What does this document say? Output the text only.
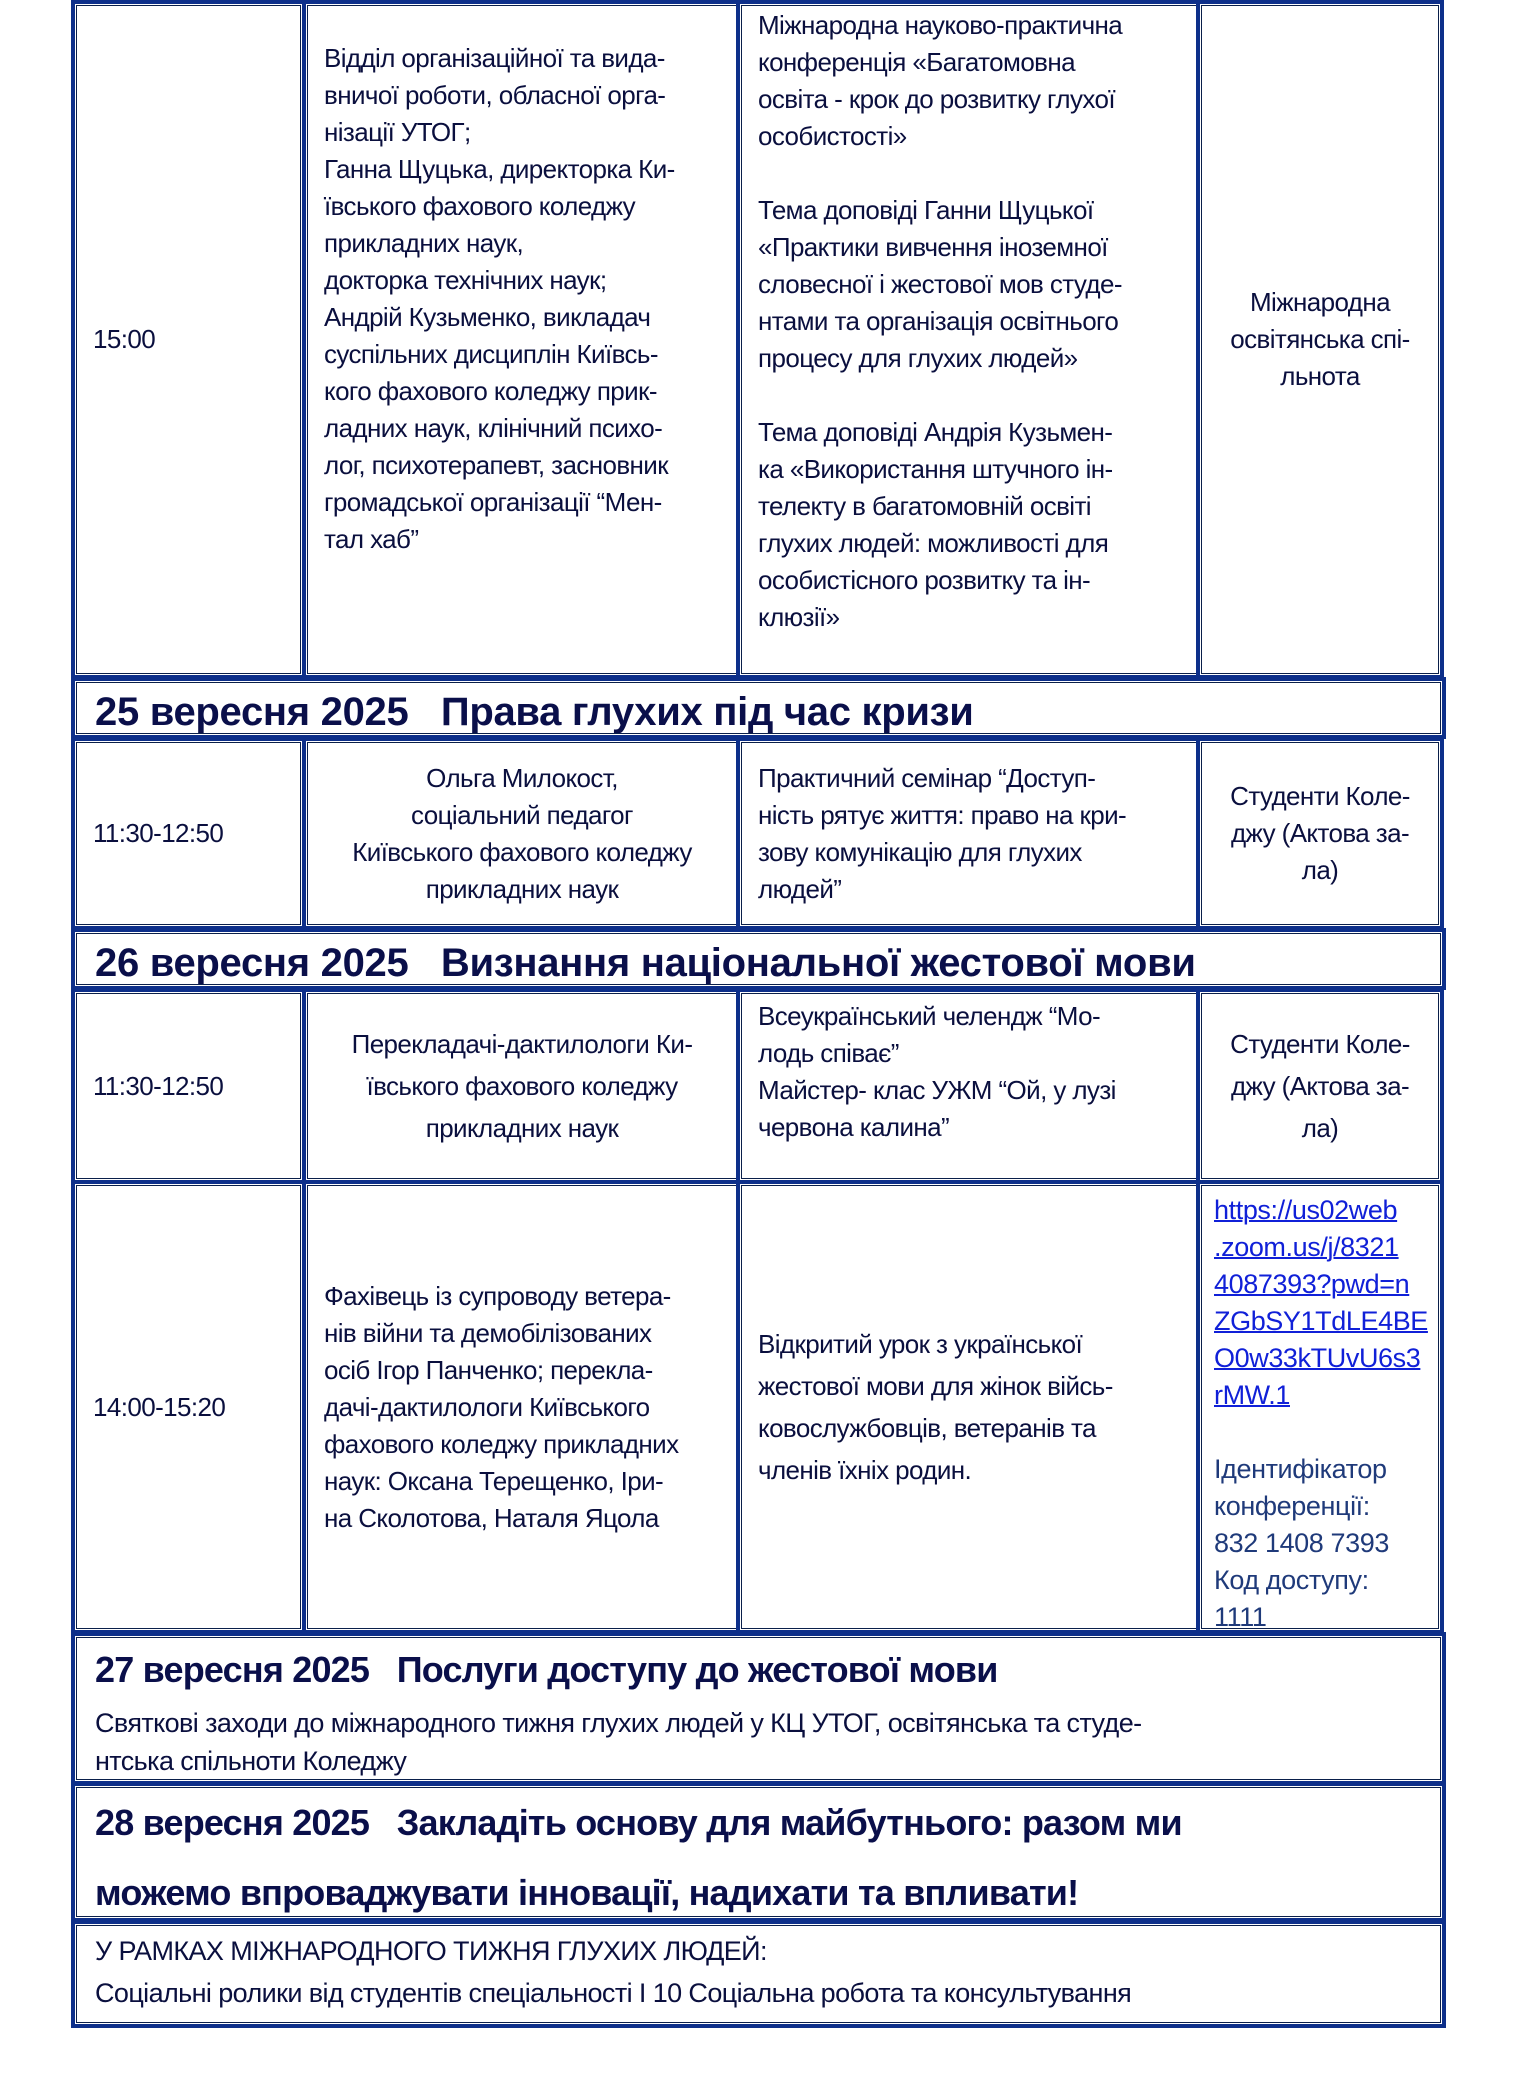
15:00
Відділ організаційної та вида-
вничої роботи, обласної орга-
нізації УТОГ;
Ганна Щуцька, директорка Ки-
ївського фахового коледжу
прикладних наук,
докторка технічних наук;
Андрій Кузьменко, викладач
суспільних дисциплін Київсь-
кого фахового коледжу прик-
ладних наук, клінічний психо-
лог, психотерапевт, засновник
громадської організації “Мен-
тал хаб”
Міжнародна науково-практична
конференція «Багатомовна
освіта - крок до розвитку глухої
особистості»
Тема доповіді Ганни Щуцької
«Практики вивчення іноземної
словесної і жестової мов студе-
нтами та організація освітнього
процесу для глухих людей»
Тема доповіді Андрія Кузьмен-
ка «Використання штучного ін-
телекту в багатомовній освіті
глухих людей: можливості для
особистісного розвитку та ін-
клюзії»
Міжнародна
освітянська спі-
льнота
25 вересня 2025 Права глухих під час кризи
11:30-12:50
Ольга Милокост,
соціальний педагог
Київського фахового коледжу
прикладних наук
Практичний семінар “Доступ-
ність рятує життя: право на кри-
зову комунікацію для глухих
людей”
Студенти Коле-
джу (Актова за-
ла)
26 вересня 2025 Визнання національної жестової мови
11:30-12:50
Перекладачі-дактилологи Ки-
ївського фахового коледжу
прикладних наук
Всеукраїнський челендж “Мо-
лодь співає”
Майстер- клас УЖМ “Ой, у лузі
червона калина”
Студенти Коле-
джу (Актова за-
ла)
14:00-15:20
Фахівець із супроводу ветера-
нів війни та демобілізованих
осіб Ігор Панченко; перекла-
дачі-дактилологи Київського
фахового коледжу прикладних
наук: Оксана Терещенко, Іри-
на Сколотова, Наталя Яцола
Відкритий урок з української
жестової мови для жінок війсь-
ковослужбовців, ветеранів та
членів їхніх родин.
https://us02web
.zoom.us/j/8321
4087393?pwd=n
ZGbSY1TdLE4BE
O0w33kTUvU6s3
rMW.1
Ідентифікатор
конференції:
832 1408 7393
Код доступу:
1111
27 вересня 2025 Послуги доступу до жестової мови
Святкові заходи до міжнародного тижня глухих людей у КЦ УТОГ, освітянська та студе-
нтська спільноти Коледжу
28 вересня 2025 Закладіть основу для майбутнього: разом ми
можемо впроваджувати інновації, надихати та впливати!
У РАМКАХ МІЖНАРОДНОГО ТИЖНЯ ГЛУХИХ ЛЮДЕЙ:
Соціальні ролики від студентів спеціальності I 10 Соціальна робота та консультування
